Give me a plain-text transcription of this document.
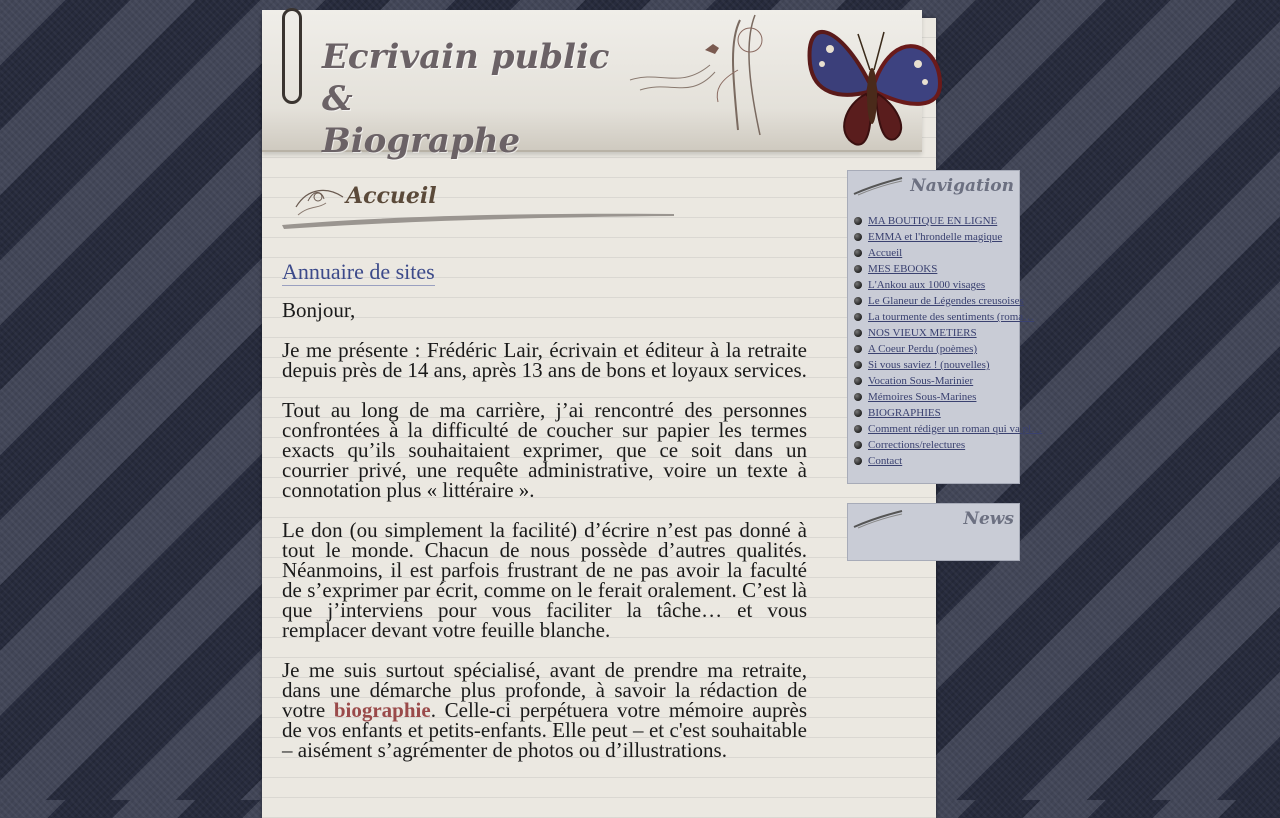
Ecrivain public &
Biographe
Accueil
Annuaire de sites

Bonjour,

Je me présente : Frédéric Lair, écrivain et éditeur à la retraite depuis près de 14 ans, après 13 ans de bons et loyaux services.

Tout au long de ma carrière, j’ai rencontré des personnes confrontées à la difficulté de coucher sur papier les termes exacts qu’ils souhaitaient exprimer, que ce soit dans un courrier privé, une requête administrative, voire un texte à connotation plus « littéraire ».

Le don (ou simplement la facilité) d’écrire n’est pas donné à tout le monde. Chacun de nous possède d’autres qualités. Néanmoins, il est parfois frustrant de ne pas avoir la faculté de s’exprimer par écrit, comme on le ferait oralement. C’est là que j’interviens pour vous faciliter la tâche… et vous remplacer devant votre feuille blanche.

Je me suis surtout spécialisé, avant de prendre ma retraite, dans une démarche plus profonde, à savoir la rédaction de votre biographie. Celle-ci perpétuera votre mémoire auprès de vos enfants et petits-enfants. Elle peut – et c'est souhaitable – aisément s’agrémenter de photos ou d’illustrations.

Navigation
MA BOUTIQUE EN LIGNE
EMMA et l'hrondelle magique
Accueil
MES EBOOKS
L'Ankou aux 1000 visages
Le Glaneur de Légendes creusoises
La tourmente des sentiments (roma…
NOS VIEUX METIERS
A Coeur Perdu (poèmes)
Si vous saviez ! (nouvelles)
Vocation Sous-Marinier
Mémoires Sous-Marines
BIOGRAPHIES
Comment rédiger un roman qui va pl…
Corrections/relectures
Contact
News
